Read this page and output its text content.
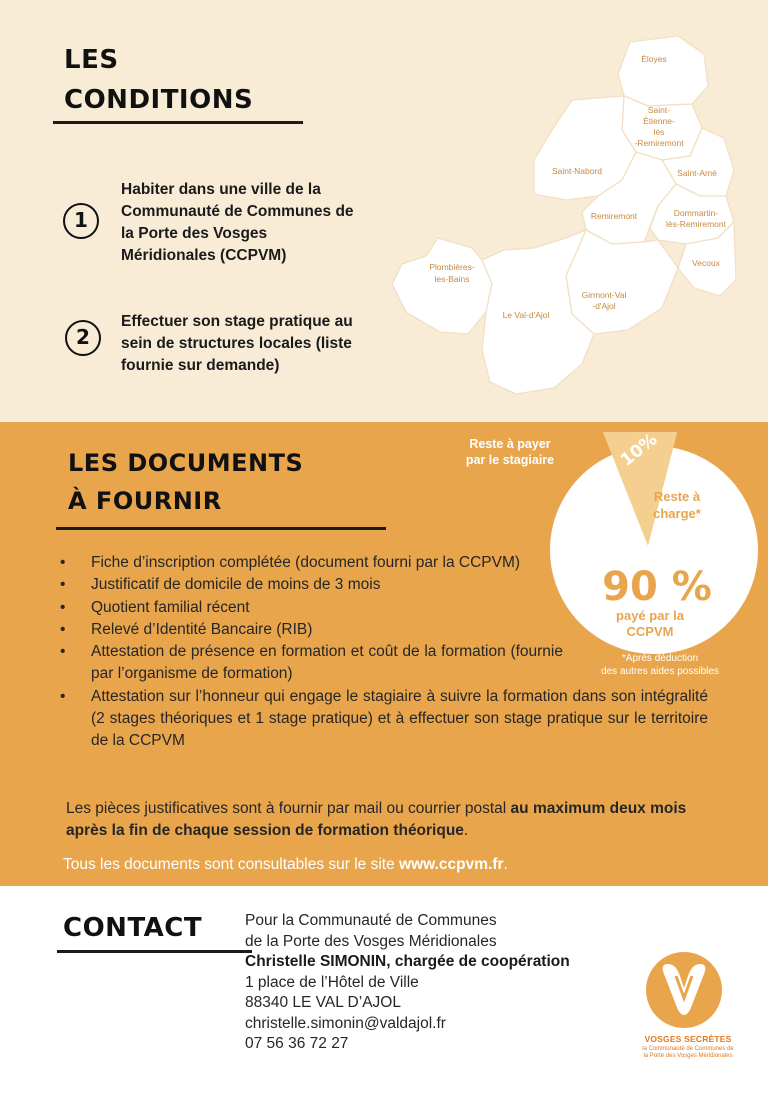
LES
CONDITIONS
1
Habiter dans une ville de la Communauté de Communes de la Porte des Vosges Méridionales (CCPVM)
2
Effectuer son stage pratique au sein de structures locales (liste fournie sur demande)
Éloyes
Saint-
Étienne-
lès
-Remiremont
Saint-Nabord	Saint-Amé
Remiremont	Dommartin-
lès-Remiremont
Vecoux
Plombières-
les-Bains
Girmont-Val
-d'Ajol
Le Val-d'Ajol
LES DOCUMENTS
À FOURNIR
• Fiche d’inscription complétée (document fourni par la CCPVM)
• Justificatif de domicile de moins de 3 mois
• Quotient familial récent
• Relevé d’Identité Bancaire (RIB)
• Attestation de présence en formation et coût de la formation (fournie par l’organisme de formation)
• Attestation sur l’honneur qui engage le stagiaire à suivre la formation dans son intégralité (2 stages théoriques et 1 stage pratique) et à effectuer son stage pratique sur le territoire de la CCPVM
Reste à payer
par le stagiaire	10%
Reste à
charge*
90 %
payé par la
CCPVM
*Après déduction
des autres aides possibles
Les pièces justificatives sont à fournir par mail ou courrier postal au maximum deux mois après la fin de chaque session de formation théorique.
Tous les documents sont consultables sur le site www.ccpvm.fr.
CONTACT	Pour la Communauté de Communes
de la Porte des Vosges Méridionales
Christelle SIMONIN, chargée de coopération
1 place de l’Hôtel de Ville
88340 LE VAL D’AJOL
christelle.simonin@valdajol.fr
07 56 36 72 27	VOSGES SECRÈTES
la Communauté de Communes de
la Porte des Vosges Méridionales
